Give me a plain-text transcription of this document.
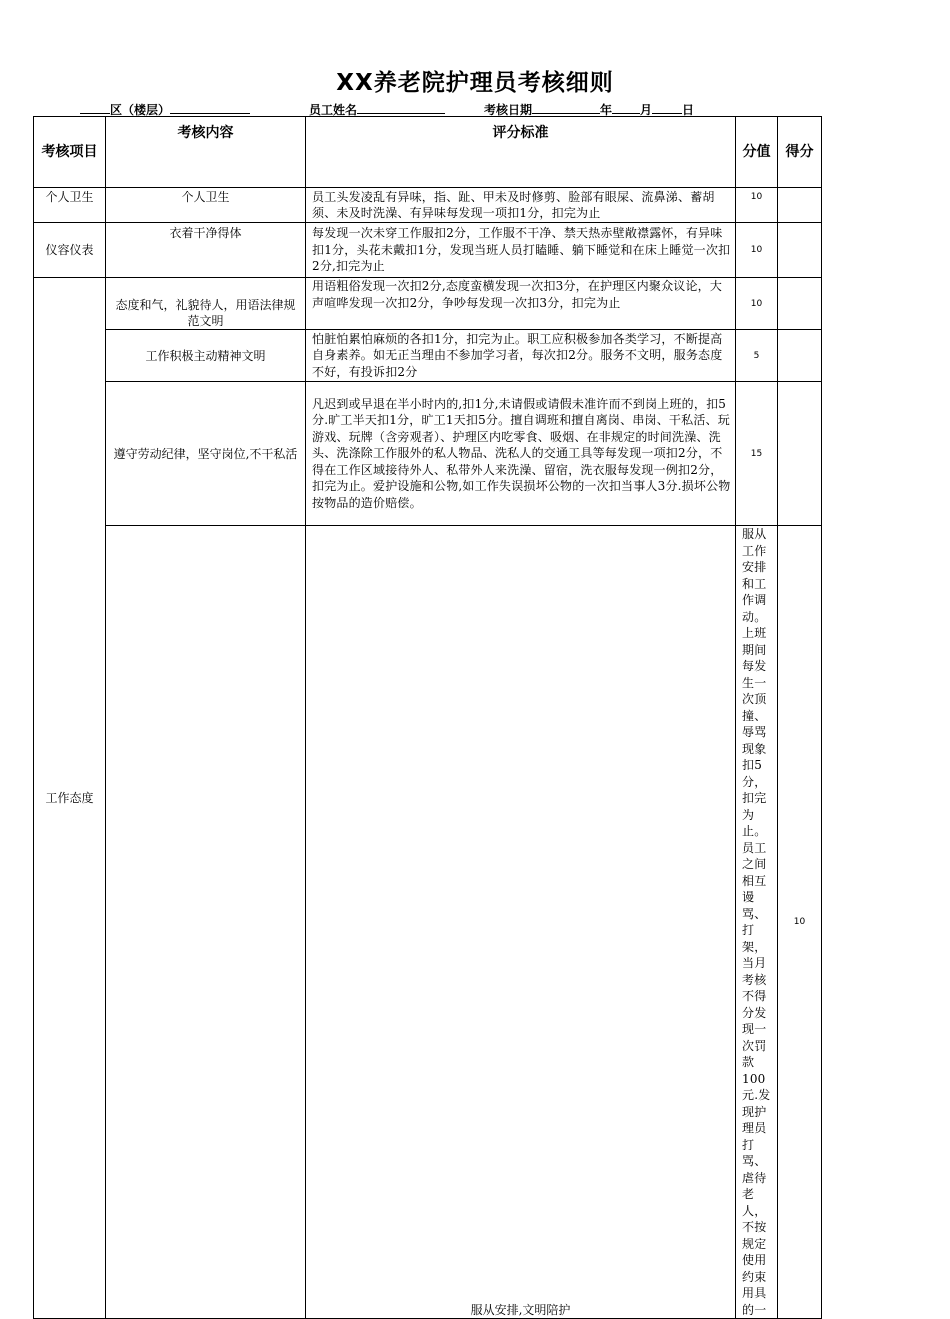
XX养老院护理员考核细则
区（楼层）	员工姓名	考核日期	年 月	日
考核项目	考核内容	评分标准	分值	得分	
个人卫生	个人卫生	员工头发凌乱有异味，指、趾、甲未及时修剪、脸部有眼屎、流鼻涕、蓄胡须、未及时洗澡、有异味每发现一项扣1分，扣完为止	10		
仪容仪表	衣着干净得体	每发现一次未穿工作服扣2分，工作服不干净、禁天热赤壁敞襟露怀，有异味扣1分，头花未戴扣1分，发现当班人员打瞌睡、躺下睡觉和在床上睡觉一次扣2分,扣完为止	10		
工作态度	态度和气，礼貌待人，用语法律规范文明	用语粗俗发现一次扣2分,态度蛮横发现一次扣3分，在护理区内聚众议论，大声喧哗发现一次扣2分，争吵每发现一次扣3分，扣完为止	10		
	工作积极主动精神文明	怕脏怕累怕麻烦的各扣1分，扣完为止。职工应积极参加各类学习，不断提高自身素养。如无正当理由不参加学习者，每次扣2分。服务不文明，服务态度不好，有投诉扣2分	5		
	遵守劳动纪律，坚守岗位,不干私活	凡迟到或早退在半小时内的,扣1分,未请假或请假未准许而不到岗上班的，扣5分.旷工半天扣1分，旷工1天扣5分。擅自调班和擅自离岗、串岗、干私活、玩游戏、玩牌（含旁观者）、护理区内吃零食、吸烟、在非规定的时间洗澡、洗头、洗涤除工作服外的私人物品、洗私人的交通工具等每发现一项扣2分，不得在工作区域接待外人、私带外人来洗澡、留宿，洗衣服每发现一例扣2分，扣完为止。爱护设施和公物,如工作失误损坏公物的一次扣当事人3分.损坏公物按物品的造价赔偿。	15		
		服从安排,文明陪护	服从工作安排和工作调动。上班期间每发生一次顶撞、辱骂现象扣5分，扣完为止。员工之间相互谩骂、打架，当月考核不得分发现一次罚款100元.发现护理员打骂、虐待老人，不按规定使用约束用具的一	10	
